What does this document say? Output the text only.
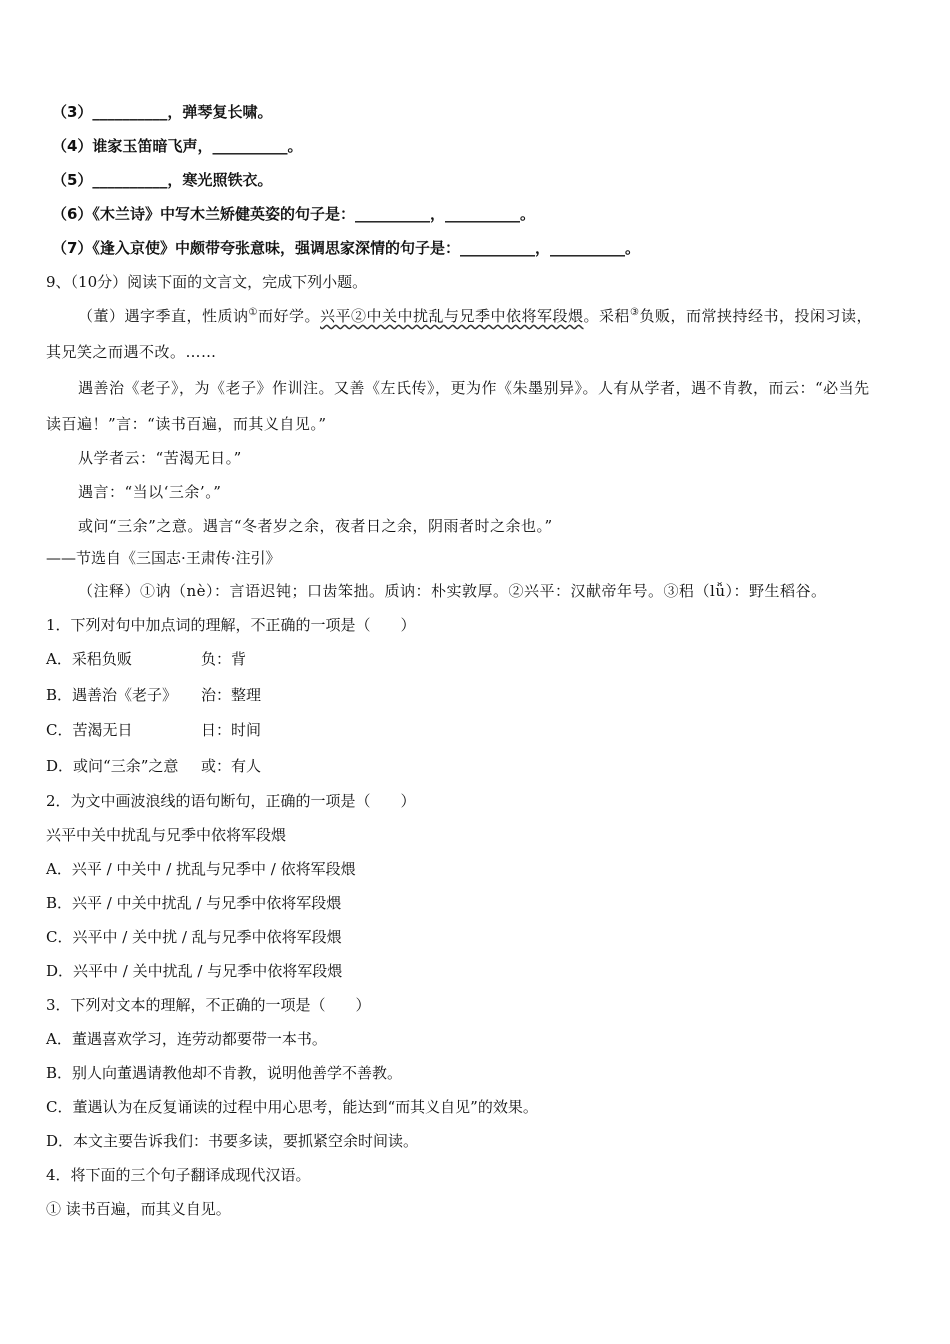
（3）__________，弹琴复长啸。
（4）谁家玉笛暗飞声，__________。
（5）__________，寒光照铁衣。
（6）《木兰诗》中写木兰矫健英姿的句子是：__________，__________。
（7）《逢入京使》中颇带夸张意味，强调思家深情的句子是：__________，__________。
9、（10分）阅读下面的文言文，完成下列小题。
（董）遇字季直，性质讷①而好学。兴平②中关中扰乱与兄季中依将军段煨。采稆③负贩，而常挟持经书，投闲习读，
其兄笑之而遇不改。……
遇善治《老子》，为《老子》作训注。又善《左氏传》，更为作《朱墨别异》。人有从学者，遇不肯教，而云：“必当先
读百遍！”言：“读书百遍，而其义自见。”
从学者云：“苦渴无日。”
遇言：“当以‘三余’。”
或问“三余”之意。遇言“冬者岁之余，夜者日之余，阴雨者时之余也。”
——节选自《三国志·王肃传·注引》
（注释）①讷（nè）：言语迟钝；口齿笨拙。质讷：朴实敦厚。②兴平：汉献帝年号。③稆（lǚ）：野生稻谷。
1．下列对句中加点词的理解，不正确的一项是（　　）
A．采稆负贩	负：背
B．遇善治《老子》 治：整理
C．苦渴无日	日：时间
D．或问“三余”之意 或：有人
2．为文中画波浪线的语句断句，正确的一项是（　　）
兴平中关中扰乱与兄季中依将军段煨
A．兴平 / 中关中 / 扰乱与兄季中 / 依将军段煨
B．兴平 / 中关中扰乱 / 与兄季中依将军段煨
C．兴平中 / 关中扰 / 乱与兄季中依将军段煨
D．兴平中 / 关中扰乱 / 与兄季中依将军段煨
3．下列对文本的理解，不正确的一项是（　　）
A．董遇喜欢学习，连劳动都要带一本书。
B．别人向董遇请教他却不肯教，说明他善学不善教。
C．董遇认为在反复诵读的过程中用心思考，能达到“而其义自见”的效果。
D．本文主要告诉我们：书要多读，要抓紧空余时间读。
4．将下面的三个句子翻译成现代汉语。
① 读书百遍，而其义自见。
